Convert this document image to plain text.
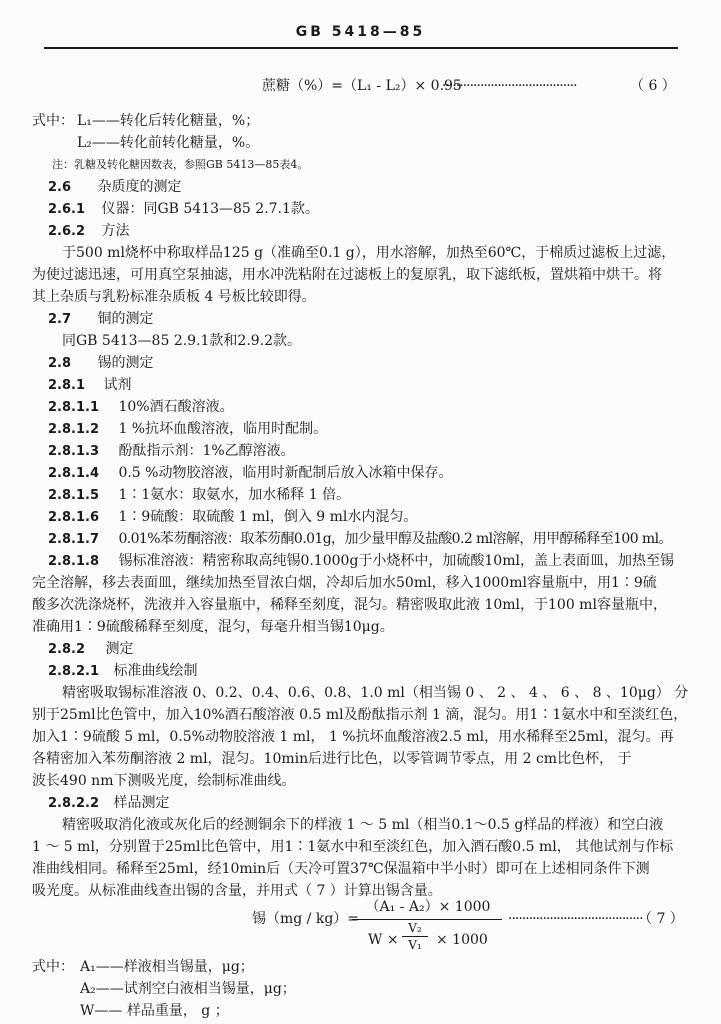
GB 5418—85
蔗糖（%）=（L₁ - L₂）× 0.95
·······································	（ 6 ）
式中： L₁——转化后转化糖量，%；
L₂——转化前转化糖量，%。
注：乳糖及转化糖因数表，参照GB 5413—85表4。
2.6 杂质度的测定
2.6.1 仪器：同GB 5413—85 2.7.1款。
2.6.2 方法
于500 ml烧杯中称取样品125 g（准确至0.1 g），用水溶解，加热至60℃，于棉质过滤板上过滤，
为使过滤迅速，可用真空泵抽滤，用水冲洗粘附在过滤板上的复原乳，取下滤纸板，置烘箱中烘干。将
其上杂质与乳粉标准杂质板 4 号板比较即得。
2.7 铜的测定
同GB 5413—85 2.9.1款和2.9.2款。
2.8 锡的测定
2.8.1 试剂
2.8.1.1 10%酒石酸溶液。
2.8.1.2 1 %抗坏血酸溶液，临用时配制。
2.8.1.3 酚酞指示剂：1%乙醇溶液。
2.8.1.4 0.5 %动物胶溶液，临用时新配制后放入冰箱中保存。
2.8.1.5 1∶1氨水：取氨水，加水稀释 1 倍。
2.8.1.6 1∶9硫酸：取硫酸 1 ml，倒入 9 ml水内混匀。
2.8.1.7 0.01%苯芴酮溶液：取苯芴酮0.01g，加少量甲醇及盐酸0.2 ml溶解，用甲醇稀释至100 ml。
2.8.1.8 锡标准溶液：精密称取高纯锡0.1000g于小烧杯中，加硫酸10ml，盖上表面皿，加热至锡
完全溶解，移去表面皿，继续加热至冒浓白烟，冷却后加水50ml，移入1000ml容量瓶中，用1∶9硫
酸多次洗涤烧杯，洗液并入容量瓶中，稀释至刻度，混匀。精密吸取此液 10ml，于100 ml容量瓶中，
准确用1∶9硫酸稀释至刻度，混匀，每毫升相当锡10μg。
2.8.2 测定
2.8.2.1 标准曲线绘制
精密吸取锡标准溶液 0、0.2、0.4、0.6、0.8、1.0 ml（相当锡 0 、 2 、 4 、 6 、 8 、10μg） 分
别于25ml比色管中，加入10%酒石酸溶液 0.5 ml及酚酞指示剂 1 滴，混匀。用1∶1氨水中和至淡红色，
加入1∶9硫酸 5 ml，0.5%动物胶溶液 1 ml， 1 %抗坏血酸溶液2.5 ml，用水稀释至25ml，混匀。再
各精密加入苯芴酮溶液 2 ml，混匀。10min后进行比色，以零管调节零点，用 2 cm比色杯， 于
波长490 nm下测吸光度，绘制标准曲线。
2.8.2.2 样品测定
精密吸取消化液或灰化后的经测铜余下的样液 1 ～ 5 ml（相当0.1～0.5 g样品的样液）和空白液
1 ～ 5 ml，分别置于25ml比色管中，用1∶1氨水中和至淡红色，加入酒石酸0.5 ml， 其他试剂与作标
准曲线相同。稀释至25ml，经10min后（天冷可置37℃保温箱中半小时）即可在上述相同条件下测
吸光度。从标准曲线查出锡的含量，并用式（ 7 ）计算出锡含量。
锡（mg / kg）=
（A₁ - A₂）× 1000
W ×
V₂
V₁	× 1000
·······································
（ 7 ）
式中： A₁——样液相当锡量，μg；
A₂——试剂空白液相当锡量，μg；
W—— 样品重量， g ；
